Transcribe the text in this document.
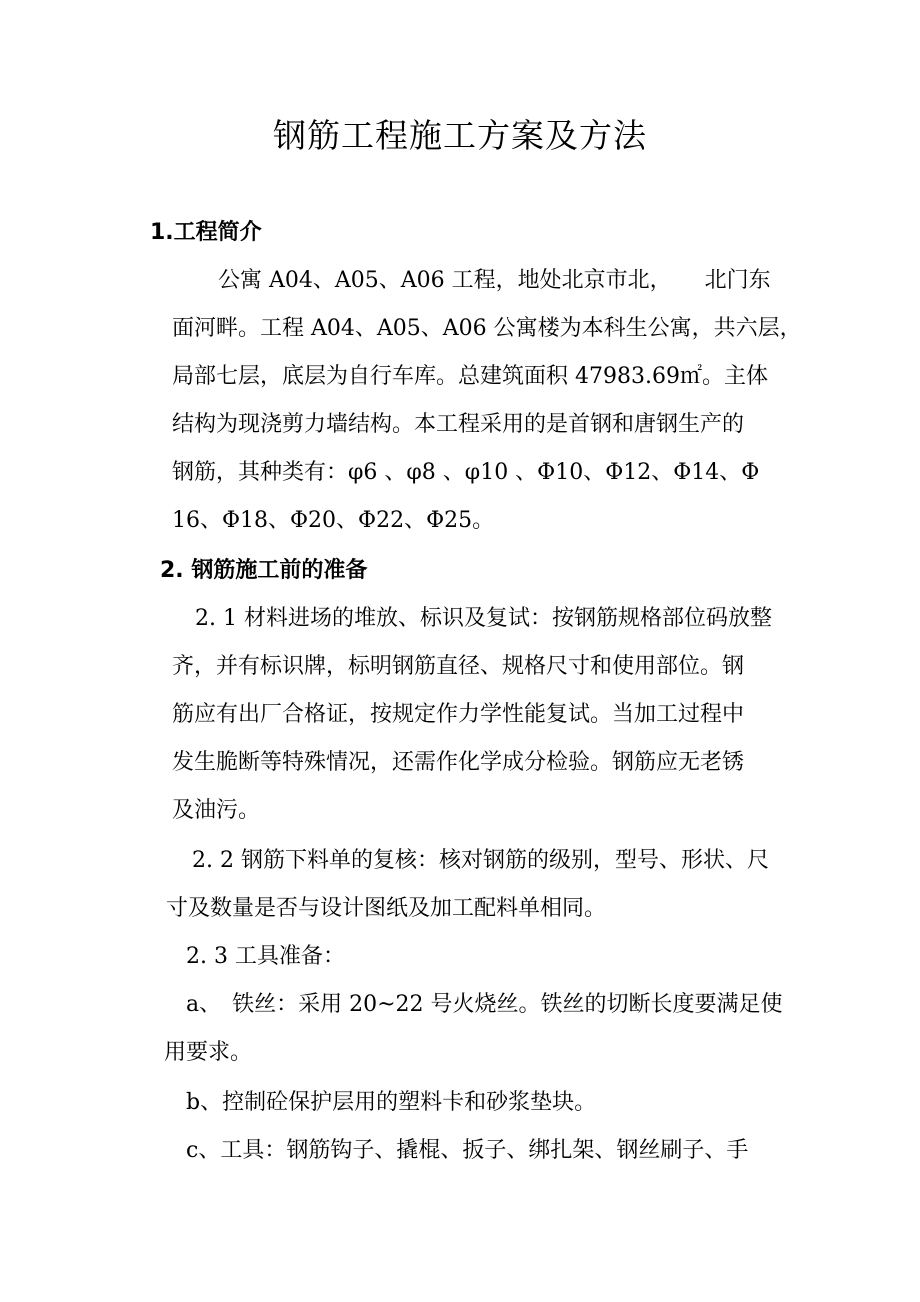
钢筋工程施工方案及方法
1.工程简介

公寓 A04、A05、A06 工程，地处北京市北，　　北门东

面河畔。工程 A04、A05、A06 公寓楼为本科生公寓，共六层，

局部七层，底层为自行车库。总建筑面积 47983.69㎡。主体

结构为现浇剪力墙结构。本工程采用的是首钢和唐钢生产的

钢筋，其种类有：φ6 、φ8 、φ10 、Φ10、Φ12、Φ14、Φ

16、Φ18、Φ20、Φ22、Φ25。

2. 钢筋施工前的准备

2. 1 材料进场的堆放、标识及复试：按钢筋规格部位码放整

齐，并有标识牌，标明钢筋直径、规格尺寸和使用部位。钢

筋应有出厂合格证，按规定作力学性能复试。当加工过程中

发生脆断等特殊情况，还需作化学成分检验。钢筋应无老锈

及油污。

2. 2 钢筋下料单的复核：核对钢筋的级别，型号、形状、尺

寸及数量是否与设计图纸及加工配料单相同。

2. 3 工具准备：

a、　铁丝：采用 20~22 号火烧丝。铁丝的切断长度要满足使

用要求。

b、控制砼保护层用的塑料卡和砂浆垫块。

c、工具：钢筋钩子、撬棍、扳子、绑扎架、钢丝刷子、手
